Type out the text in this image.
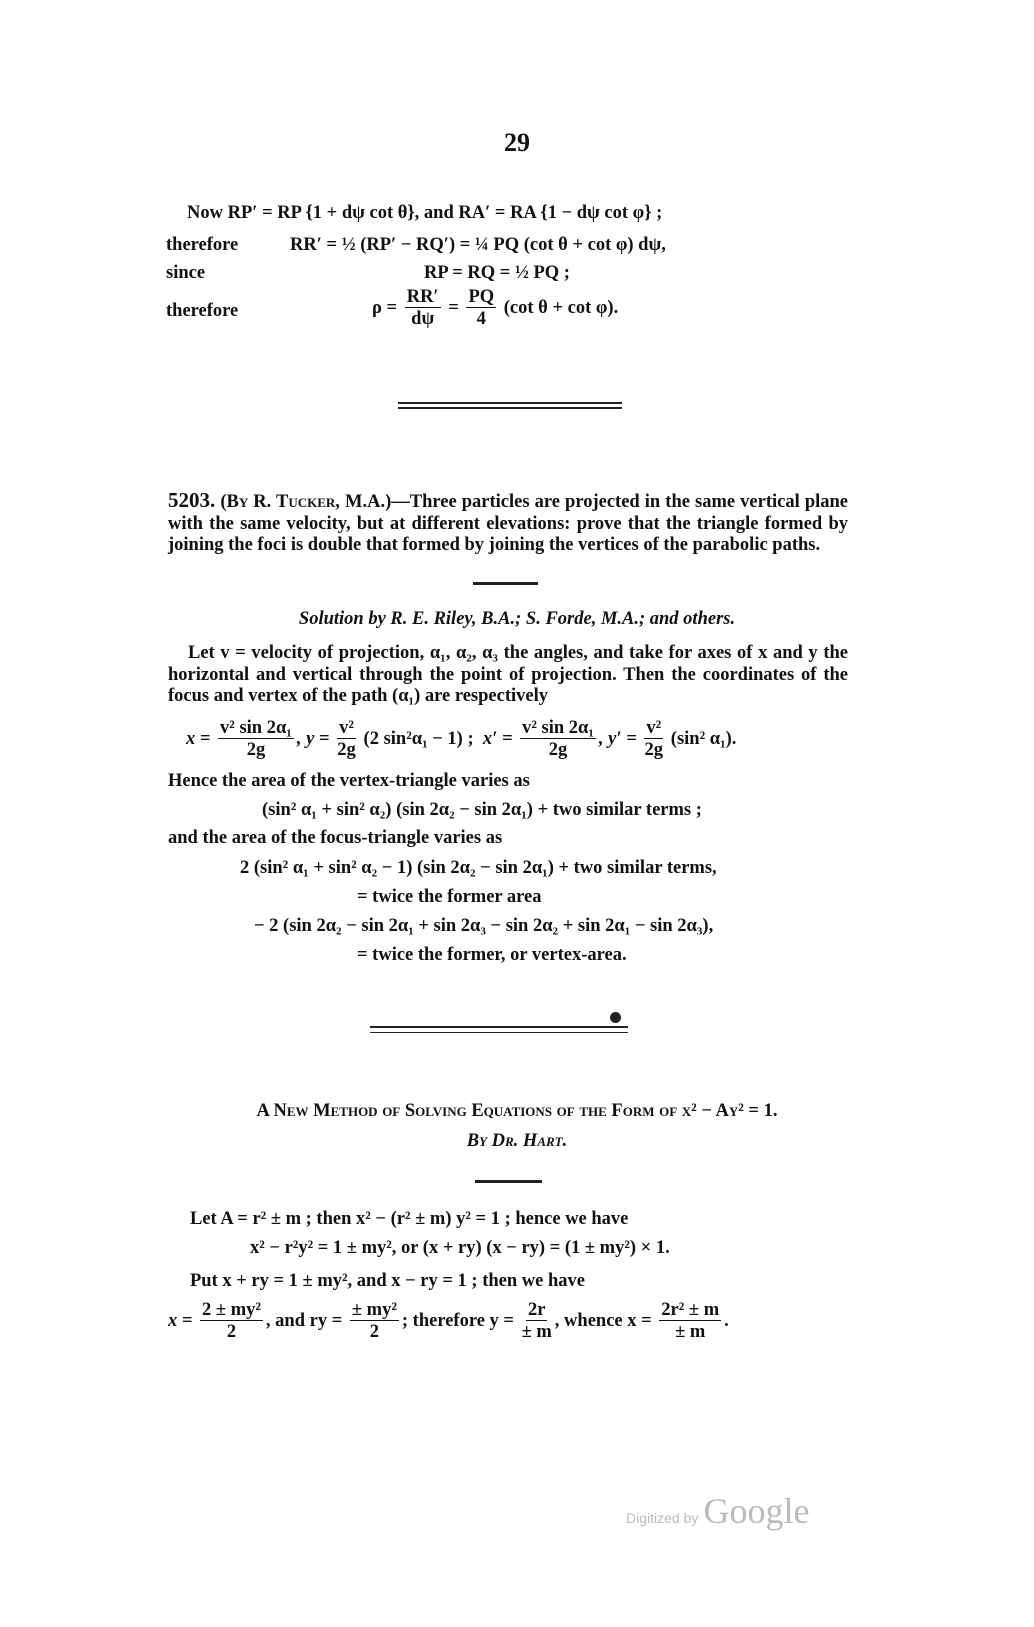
29
Now RP′ = RP {1 + dψ cot θ}, and RA′ = RA {1 − dψ cot φ} ;
therefore	RR′ = ½ (RP′ − RQ′) = ¼ PQ (cot θ + cot φ) dψ,
since	RP = RQ = ½ PQ ;
therefore	$\rho = \frac{RR'}{d\psi} = \frac{PQ}{4} (\cot$ θ + cot φ).
5203. (By R. Tucker, M.A.)—Three particles are projected in the same vertical plane with the same velocity, but at different elevations: prove that the triangle formed by joining the foci is double that formed by joining the vertices of the parabolic paths.
Solution by R. E. Riley, B.A.; S. Forde, M.A.; and others.
Let v = velocity of projection, α₁, α₂, α₃ the angles, and take for axes of x and y the horizontal and vertical through the point of projection. Then the coordinates of the focus and vertex of the path (α₁) are respectively
$x = \frac{\text{v² sin 2α₁}}{2g}$ , $y = \frac{\text{v²}}{2g} (2$ sin²α₁ − 1) ; $x' = \frac{\text{v² sin 2α₁}}{2g}$ , $y' = \frac{\text{v²}}{2g} (\sin^2$ α₁).
Hence the area of the vertex-triangle varies as
(sin² α₁ + sin² α₂) (sin 2α₂ − sin 2α₁) + two similar terms ;
and the area of the focus-triangle varies as
2 (sin² α₁ + sin² α₂ − 1) (sin 2α₂ − sin 2α₁) + two similar terms,
= twice the former area
− 2 (sin 2α₂ − sin 2α₁ + sin 2α₃ − sin 2α₂ + sin 2α₁ − sin 2α₃),
= twice the former, or vertex-area.
A New Method of Solving Equations of the Form of x² − Ay² = 1.
By Dr. Hart.
Let A = r² ± m ; then x² − (r² ± m) y² = 1 ; hence we have
x² − r²y² = 1 ± my², or (x + ry) (x − ry) = (1 ± my²) × 1.
Put x + ry = 1 ± my², and x − ry = 1 ; then we have
$x = \frac{\text{2 ± my²}}{2}$ , and ry = $\frac{\text{± my²}}{2}$ ; therefore $y = \frac{2r}{\pm m}$ , whence $x = \frac{\text{2r² ± m}}{\pm m}$ .
Digitized by Google
